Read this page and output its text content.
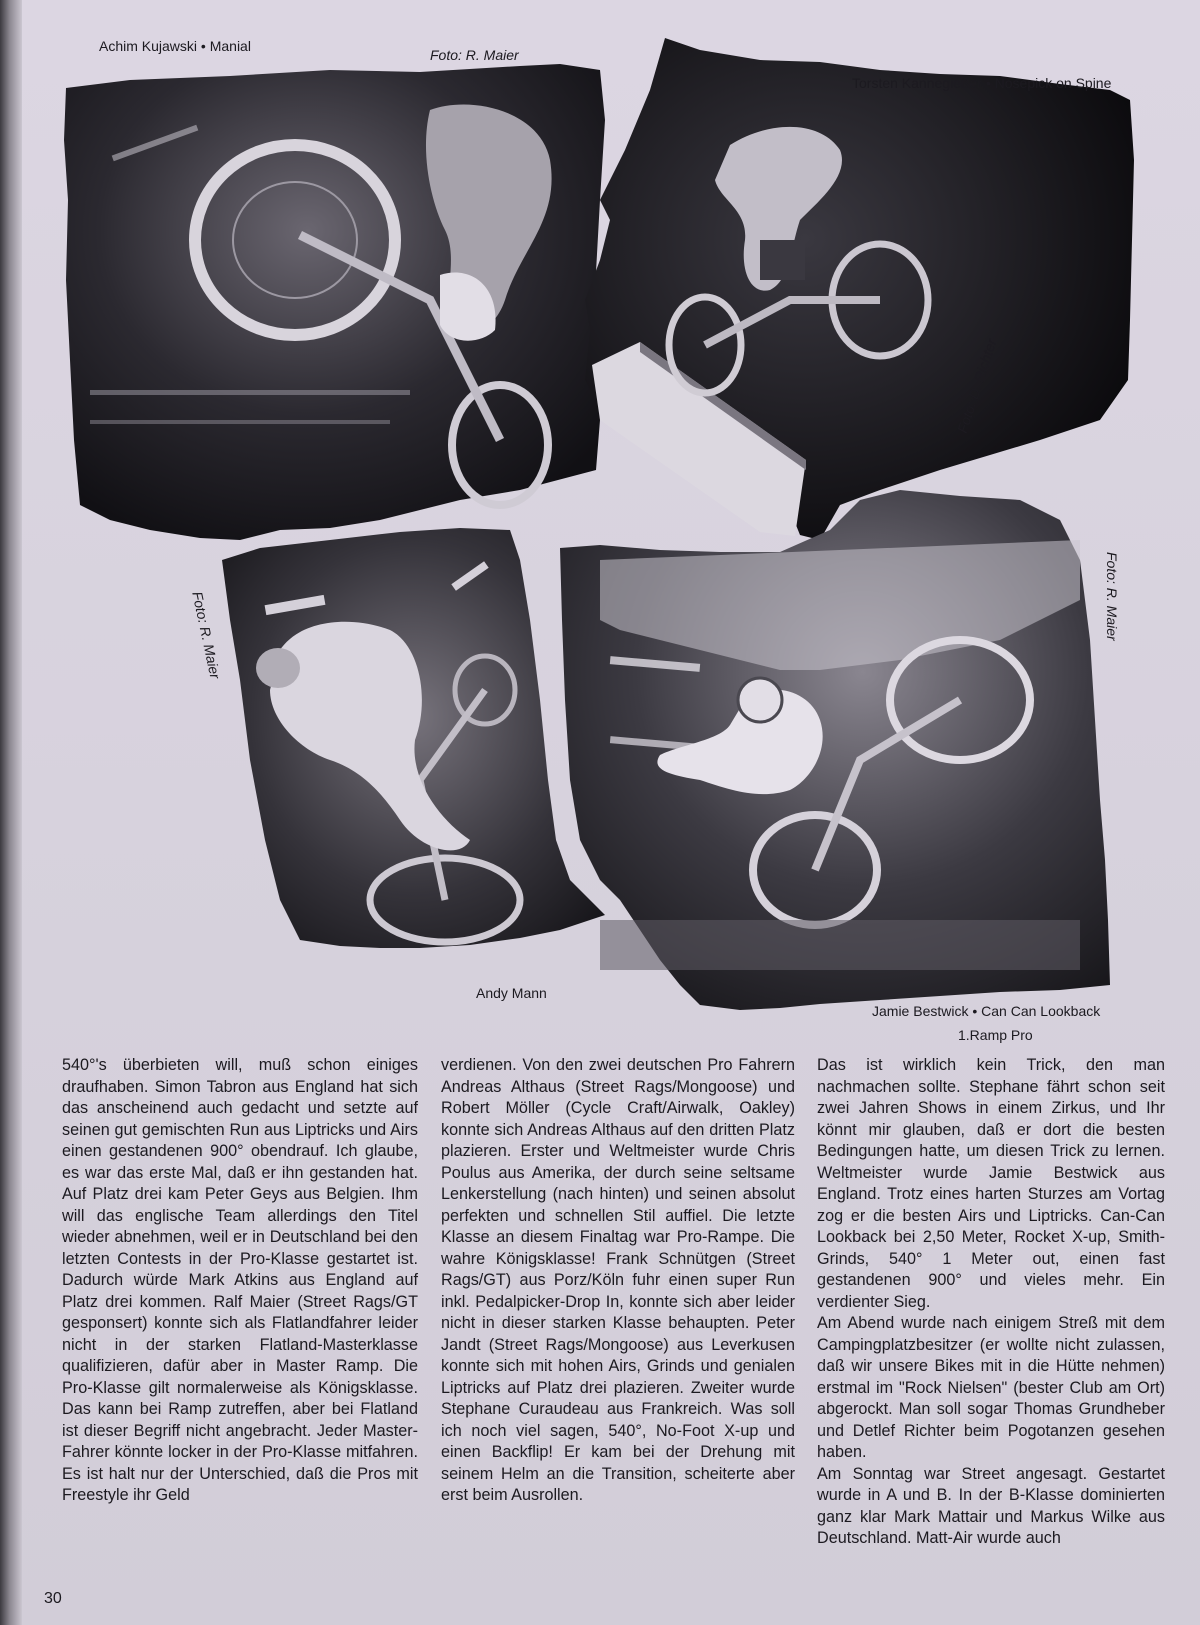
Achim Kujawski • Manial
Foto: R. Maier
Torsten Kannegießer • Nosepick on Spine
Foto: D. Richter
Foto: R. Maier
Andy Mann
Foto: R. Maier
Jamie Bestwick • Can Can Lookback
1.Ramp Pro

540°'s überbieten will, muß schon einiges draufhaben. Simon Tabron aus England hat sich das anscheinend auch gedacht und setzte auf seinen gut gemischten Run aus Liptricks und Airs einen gestandenen 900° obendrauf. Ich glaube, es war das erste Mal, daß er ihn gestanden hat. Auf Platz drei kam Peter Geys aus Belgien. Ihm will das englische Team allerdings den Titel wieder abnehmen, weil er in Deutschland bei den letzten Contests in der Pro-Klasse gestartet ist. Dadurch würde Mark Atkins aus England auf Platz drei kommen. Ralf Maier (Street Rags/GT gesponsert) konnte sich als Flatlandfahrer leider nicht in der starken Flatland-Masterklasse qualifizieren, dafür aber in Master Ramp. Die Pro-Klasse gilt normalerweise als Königsklasse. Das kann bei Ramp zutreffen, aber bei Flatland ist dieser Begriff nicht angebracht. Jeder Master-Fahrer könnte locker in der Pro-Klasse mitfahren. Es ist halt nur der Unterschied, daß die Pros mit Freestyle ihr Geld

verdienen. Von den zwei deutschen Pro Fahrern Andreas Althaus (Street Rags/Mongoose) und Robert Möller (Cycle Craft/Airwalk, Oakley) konnte sich Andreas Althaus auf den dritten Platz plazieren. Erster und Weltmeister wurde Chris Poulus aus Amerika, der durch seine seltsame Lenkerstellung (nach hinten) und seinen absolut perfekten und schnellen Stil auffiel. Die letzte Klasse an diesem Finaltag war Pro-Rampe. Die wahre Königsklasse! Frank Schnütgen (Street Rags/GT) aus Porz/Köln fuhr einen super Run inkl. Pedalpicker-Drop In, konnte sich aber leider nicht in dieser starken Klasse behaupten. Peter Jandt (Street Rags/Mongoose) aus Leverkusen konnte sich mit hohen Airs, Grinds und genialen Liptricks auf Platz drei plazieren. Zweiter wurde Stephane Curaudeau aus Frankreich. Was soll ich noch viel sagen, 540°, No-Foot X-up und einen Backflip! Er kam bei der Drehung mit seinem Helm an die Transition, scheiterte aber erst beim Ausrollen.

Das ist wirklich kein Trick, den man nachmachen sollte. Stephane fährt schon seit zwei Jahren Shows in einem Zirkus, und Ihr könnt mir glauben, daß er dort die besten Bedingungen hatte, um diesen Trick zu lernen. Weltmeister wurde Jamie Bestwick aus England. Trotz eines harten Sturzes am Vortag zog er die besten Airs und Liptricks. Can-Can Lookback bei 2,50 Meter, Rocket X-up, Smith-Grinds, 540° 1 Meter out, einen fast gestandenen 900° und vieles mehr. Ein verdienter Sieg.

Am Abend wurde nach einigem Streß mit dem Campingplatzbesitzer (er wollte nicht zulassen, daß wir unsere Bikes mit in die Hütte nehmen) erstmal im "Rock Nielsen" (bester Club am Ort) abgerockt. Man soll sogar Thomas Grundheber und Detlef Richter beim Pogotanzen gesehen haben.

Am Sonntag war Street angesagt. Gestartet wurde in A und B. In der B-Klasse dominierten ganz klar Mark Mattair und Markus Wilke aus Deutschland. Matt-Air wurde auch

30
